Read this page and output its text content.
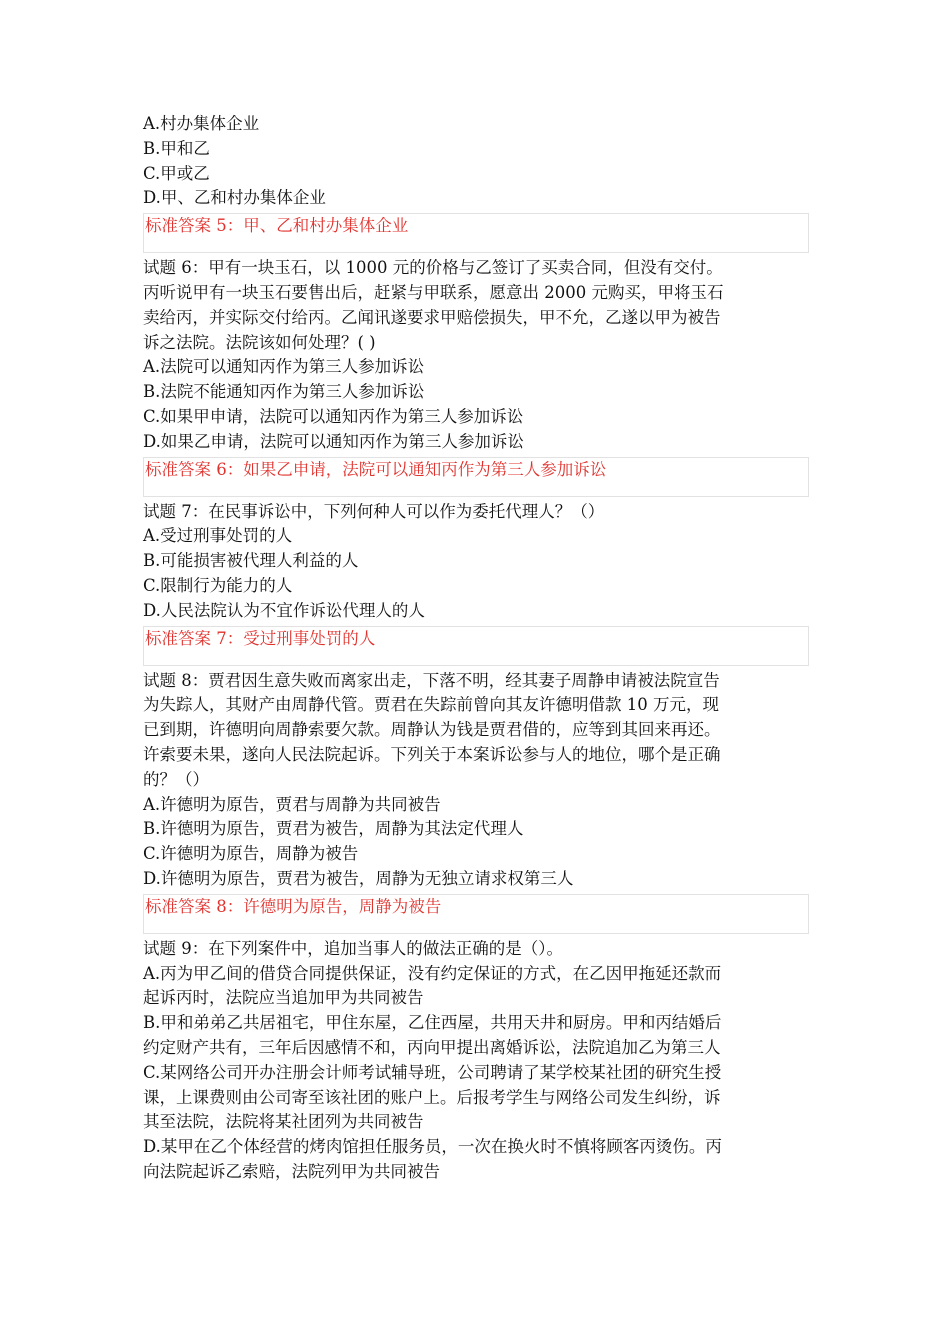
A.村办集体企业
B.甲和乙
C.甲或乙
D.甲、乙和村办集体企业
标准答案 5：甲、乙和村办集体企业
试题 6：甲有一块玉石，以 1000 元的价格与乙签订了买卖合同，但没有交付。
丙听说甲有一块玉石要售出后，赶紧与甲联系，愿意出 2000 元购买，甲将玉石
卖给丙，并实际交付给丙。乙闻讯遂要求甲赔偿损失，甲不允，乙遂以甲为被告
诉之法院。法院该如何处理？( )
A.法院可以通知丙作为第三人参加诉讼
B.法院不能通知丙作为第三人参加诉讼
C.如果甲申请，法院可以通知丙作为第三人参加诉讼
D.如果乙申请，法院可以通知丙作为第三人参加诉讼
标准答案 6：如果乙申请，法院可以通知丙作为第三人参加诉讼
试题 7：在民事诉讼中，下列何种人可以作为委托代理人？（）
A.受过刑事处罚的人
B.可能损害被代理人利益的人
C.限制行为能力的人
D.人民法院认为不宜作诉讼代理人的人
标准答案 7：受过刑事处罚的人
试题 8：贾君因生意失败而离家出走，下落不明，经其妻子周静申请被法院宣告
为失踪人，其财产由周静代管。贾君在失踪前曾向其友许德明借款 10 万元，现
已到期，许德明向周静索要欠款。周静认为钱是贾君借的，应等到其回来再还。
许索要未果，遂向人民法院起诉。下列关于本案诉讼参与人的地位，哪个是正确
的？（）
A.许德明为原告，贾君与周静为共同被告
B.许德明为原告，贾君为被告，周静为其法定代理人
C.许德明为原告，周静为被告
D.许德明为原告，贾君为被告，周静为无独立请求权第三人
标准答案 8：许德明为原告，周静为被告
试题 9：在下列案件中，追加当事人的做法正确的是（）。
A.丙为甲乙间的借贷合同提供保证，没有约定保证的方式，在乙因甲拖延还款而
起诉丙时，法院应当追加甲为共同被告
B.甲和弟弟乙共居祖宅，甲住东屋，乙住西屋，共用天井和厨房。甲和丙结婚后
约定财产共有，三年后因感情不和，丙向甲提出离婚诉讼，法院追加乙为第三人
C.某网络公司开办注册会计师考试辅导班，公司聘请了某学校某社团的研究生授
课，上课费则由公司寄至该社团的账户上。后报考学生与网络公司发生纠纷，诉
其至法院，法院将某社团列为共同被告
D.某甲在乙个体经营的烤肉馆担任服务员，一次在换火时不慎将顾客丙烫伤。丙
向法院起诉乙索赔，法院列甲为共同被告
